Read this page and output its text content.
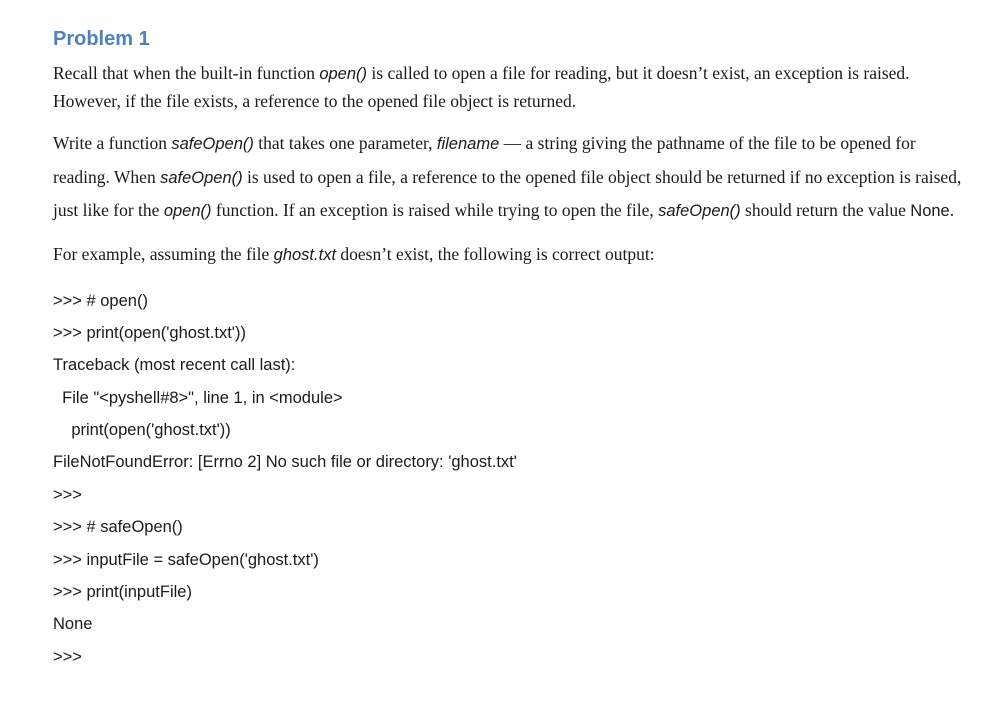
Problem 1

Recall that when the built-in function open() is called to open a file for reading, but it doesn’t exist, an exception is raised. However, if the file exists, a reference to the opened file object is returned.

Write a function safeOpen() that takes one parameter, filename — a string giving the pathname of the file to be opened for reading. When safeOpen() is used to open a file, a reference to the opened file object should be returned if no exception is raised, just like for the open() function. If an exception is raised while trying to open the file, safeOpen() should return the value None.

For example, assuming the file ghost.txt doesn’t exist, the following is correct output:

>>> # open()
>>> print(open('ghost.txt'))
Traceback (most recent call last):
File "<pyshell#8>", line 1, in <module>
print(open('ghost.txt'))
FileNotFoundError: [Errno 2] No such file or directory: 'ghost.txt'
>>>
>>> # safeOpen()
>>> inputFile = safeOpen('ghost.txt')
>>> print(inputFile)
None
>>>
